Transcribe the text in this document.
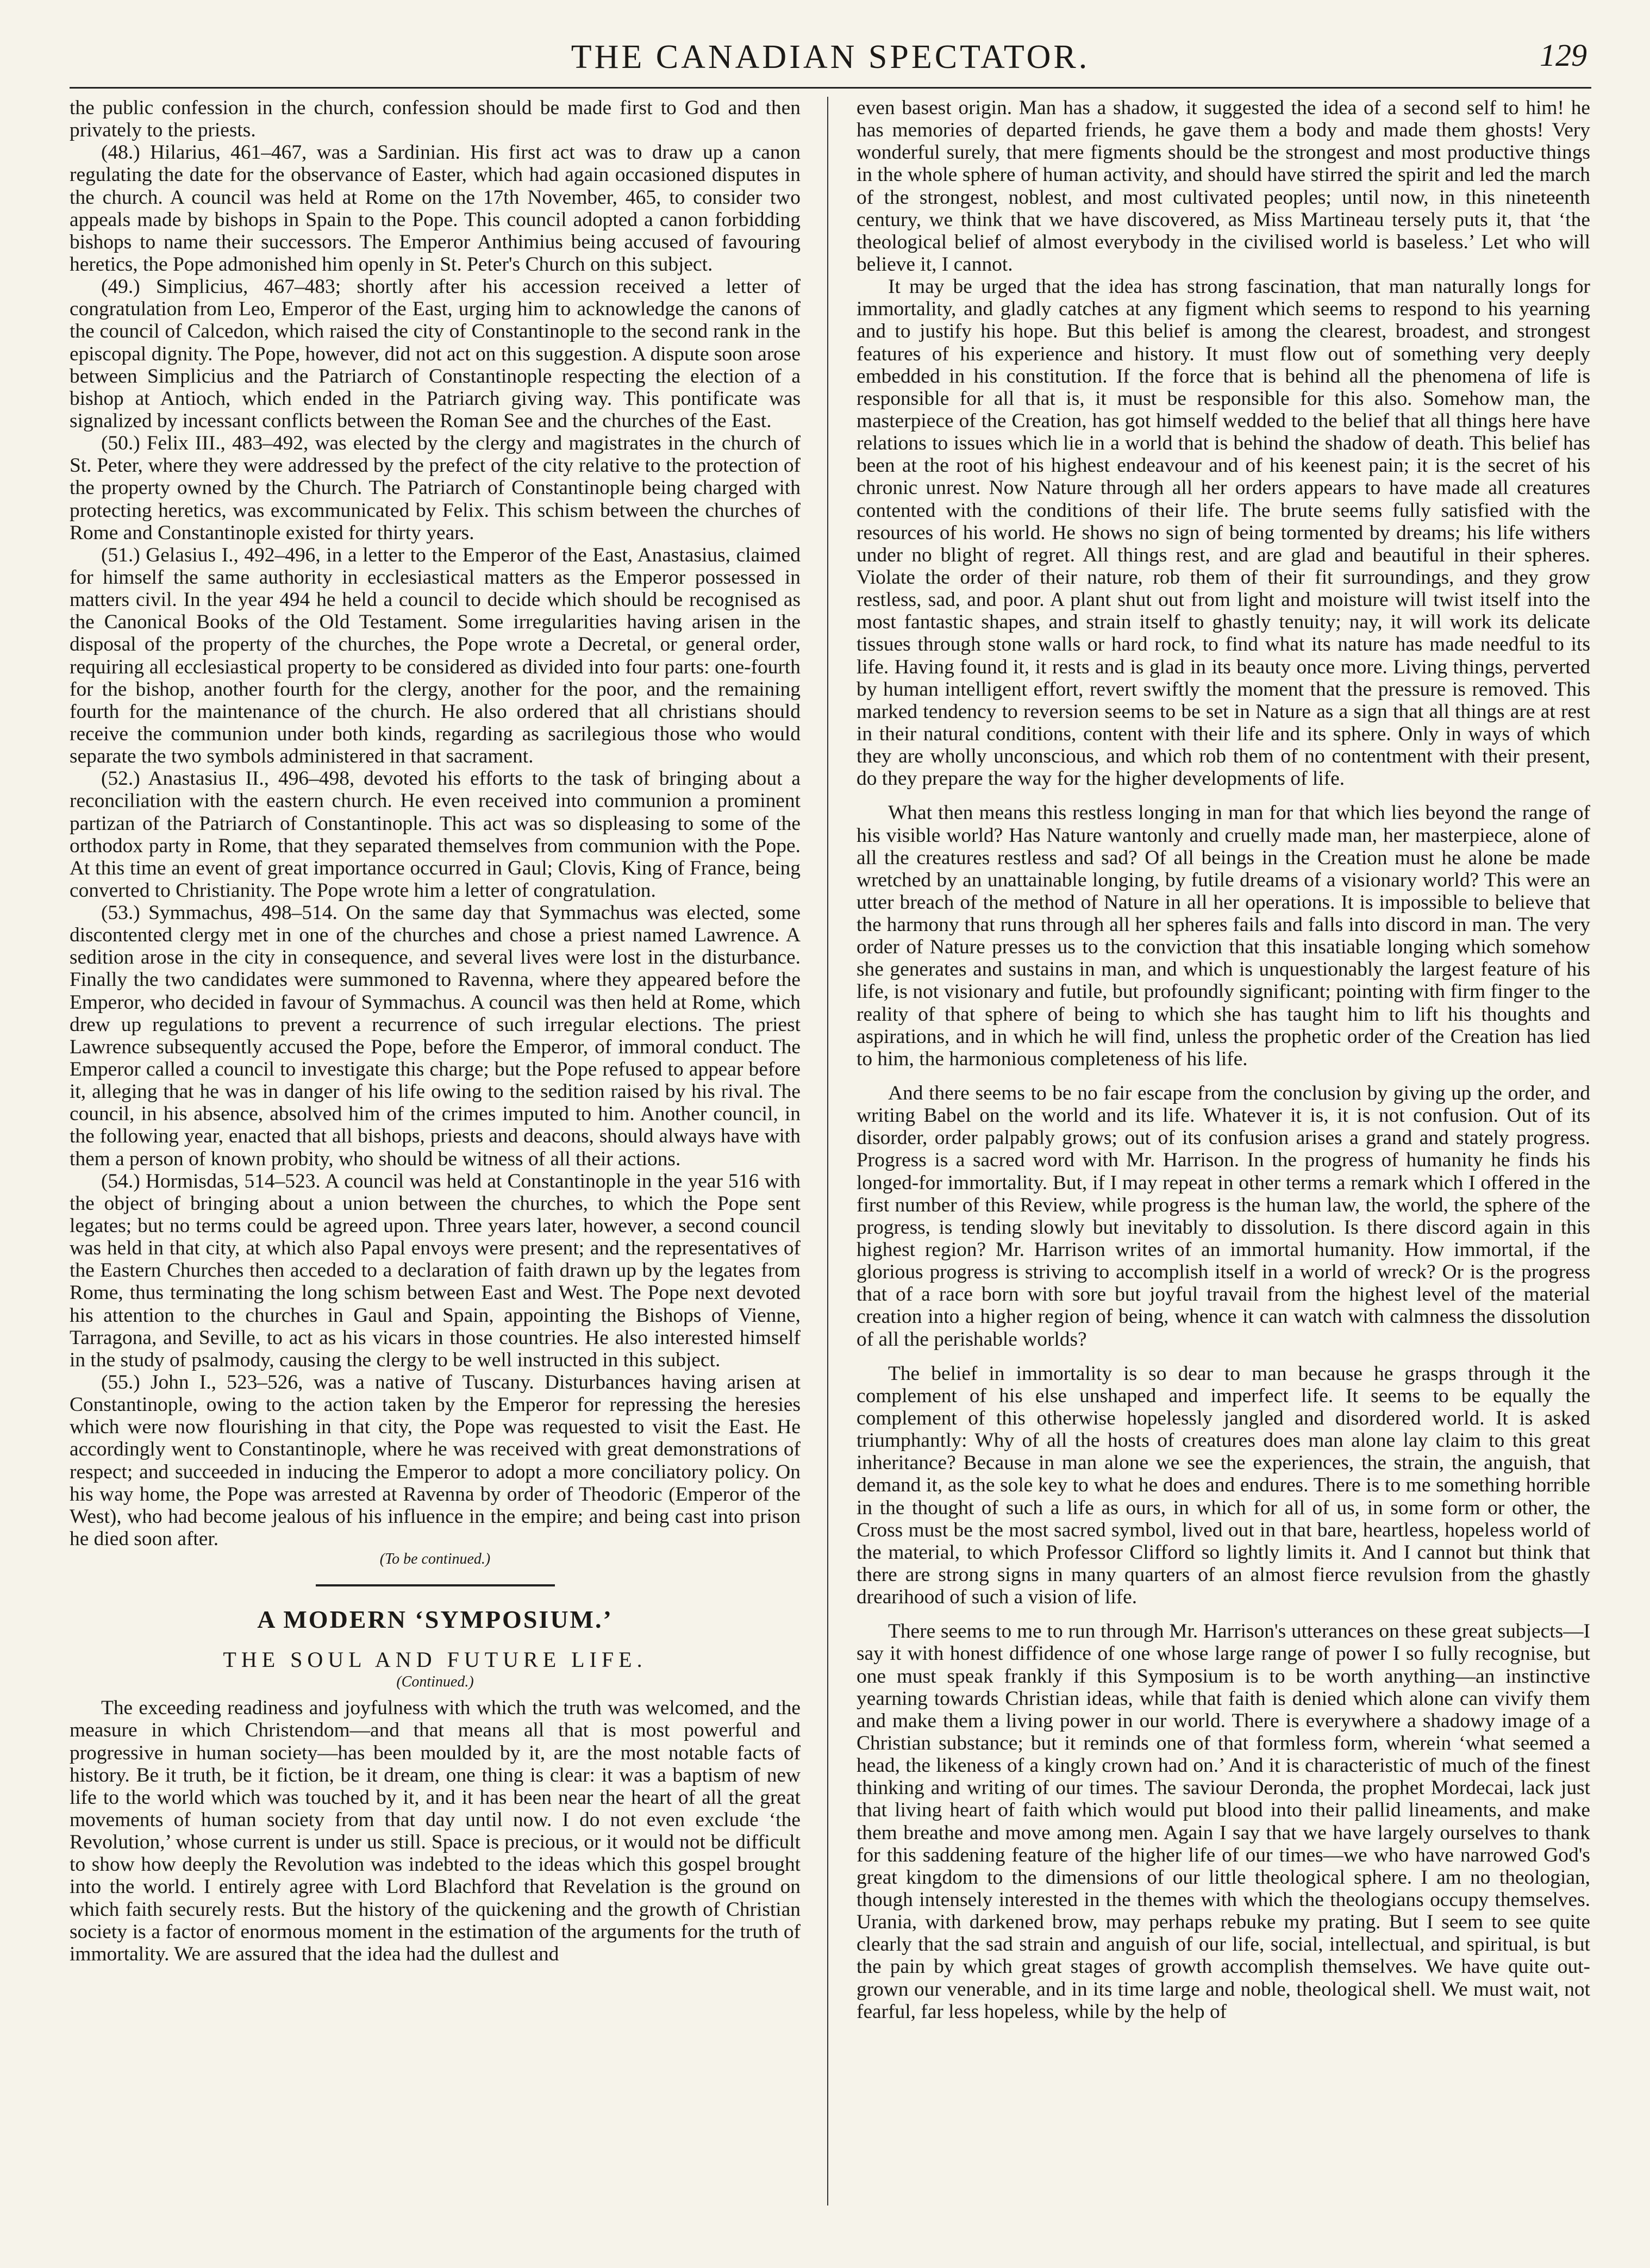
THE CANADIAN SPECTATOR.	129

the public confession in the church, confession should be made first to God and then privately to the priests.

(48.) Hilarius, 461–467, was a Sardinian. His first act was to draw up a canon regulating the date for the observance of Easter, which had again occasioned disputes in the church. A council was held at Rome on the 17th November, 465, to consider two appeals made by bishops in Spain to the Pope. This council adopted a canon forbidding bishops to name their successors. The Emperor Anthimius being accused of favouring heretics, the Pope admonished him openly in St. Peter's Church on this subject.

(49.) Simplicius, 467–483; shortly after his accession received a letter of congratulation from Leo, Emperor of the East, urging him to acknowledge the canons of the council of Calcedon, which raised the city of Constantinople to the second rank in the episcopal dignity. The Pope, however, did not act on this suggestion. A dispute soon arose between Simplicius and the Patriarch of Constantinople respecting the election of a bishop at Antioch, which ended in the Patriarch giving way. This pontificate was signalized by incessant conflicts between the Roman See and the churches of the East.

(50.) Felix III., 483–492, was elected by the clergy and magistrates in the church of St. Peter, where they were addressed by the prefect of the city relative to the protection of the property owned by the Church. The Patriarch of Constantinople being charged with protecting heretics, was excommunicated by Felix. This schism between the churches of Rome and Constantinople existed for thirty years.

(51.) Gelasius I., 492–496, in a letter to the Emperor of the East, Anastasius, claimed for himself the same authority in ecclesiastical matters as the Emperor possessed in matters civil. In the year 494 he held a council to decide which should be recognised as the Canonical Books of the Old Testament. Some irregularities having arisen in the disposal of the property of the churches, the Pope wrote a Decretal, or general order, requiring all ecclesiastical property to be considered as divided into four parts: one-fourth for the bishop, another fourth for the clergy, another for the poor, and the remaining fourth for the maintenance of the church. He also ordered that all christians should receive the communion under both kinds, regarding as sacrilegious those who would separate the two symbols administered in that sacrament.

(52.) Anastasius II., 496–498, devoted his efforts to the task of bringing about a reconciliation with the eastern church. He even received into communion a prominent partizan of the Patriarch of Constantinople. This act was so displeasing to some of the orthodox party in Rome, that they separated themselves from communion with the Pope. At this time an event of great importance occurred in Gaul; Clovis, King of France, being converted to Christianity. The Pope wrote him a letter of congratulation.

(53.) Symmachus, 498–514. On the same day that Symmachus was elected, some discontented clergy met in one of the churches and chose a priest named Lawrence. A sedition arose in the city in consequence, and several lives were lost in the disturbance. Finally the two candidates were summoned to Ravenna, where they appeared before the Emperor, who decided in favour of Symmachus. A council was then held at Rome, which drew up regulations to prevent a recurrence of such irregular elections. The priest Lawrence subsequently accused the Pope, before the Emperor, of immoral conduct. The Emperor called a council to investigate this charge; but the Pope refused to appear before it, alleging that he was in danger of his life owing to the sedition raised by his rival. The council, in his absence, absolved him of the crimes imputed to him. Another council, in the following year, enacted that all bishops, priests and deacons, should always have with them a person of known probity, who should be witness of all their actions.

(54.) Hormisdas, 514–523. A council was held at Constantinople in the year 516 with the object of bringing about a union between the churches, to which the Pope sent legates; but no terms could be agreed upon. Three years later, however, a second council was held in that city, at which also Papal envoys were present; and the representatives of the Eastern Churches then acceded to a declaration of faith drawn up by the legates from Rome, thus terminating the long schism between East and West. The Pope next devoted his attention to the churches in Gaul and Spain, appointing the Bishops of Vienne, Tarragona, and Seville, to act as his vicars in those countries. He also interested himself in the study of psalmody, causing the clergy to be well instructed in this subject.

(55.) John I., 523–526, was a native of Tuscany. Disturbances having arisen at Constantinople, owing to the action taken by the Emperor for repressing the heresies which were now flourishing in that city, the Pope was requested to visit the East. He accordingly went to Constantinople, where he was received with great demonstrations of respect; and succeeded in inducing the Emperor to adopt a more conciliatory policy. On his way home, the Pope was arrested at Ravenna by order of Theodoric (Emperor of the West), who had become jealous of his influence in the empire; and being cast into prison he died soon after.

(To be continued.)
A MODERN ‘SYMPOSIUM.’
THE SOUL AND FUTURE LIFE.
(Continued.)

The exceeding readiness and joyfulness with which the truth was welcomed, and the measure in which Christendom—and that means all that is most powerful and progressive in human society—has been moulded by it, are the most notable facts of history. Be it truth, be it fiction, be it dream, one thing is clear: it was a baptism of new life to the world which was touched by it, and it has been near the heart of all the great movements of human society from that day until now. I do not even exclude ‘the Revolution,’ whose current is under us still. Space is precious, or it would not be difficult to show how deeply the Revolution was indebted to the ideas which this gospel brought into the world. I entirely agree with Lord Blachford that Revelation is the ground on which faith securely rests. But the history of the quickening and the growth of Christian society is a factor of enormous moment in the estimation of the arguments for the truth of immortality. We are assured that the idea had the dullest and

even basest origin. Man has a shadow, it suggested the idea of a second self to him! he has memories of departed friends, he gave them a body and made them ghosts! Very wonderful surely, that mere figments should be the strongest and most productive things in the whole sphere of human activity, and should have stirred the spirit and led the march of the strongest, noblest, and most cultivated peoples; until now, in this nineteenth century, we think that we have discovered, as Miss Martineau tersely puts it, that ‘the theological belief of almost everybody in the civilised world is baseless.’ Let who will believe it, I cannot.

It may be urged that the idea has strong fascination, that man naturally longs for immortality, and gladly catches at any figment which seems to respond to his yearning and to justify his hope. But this belief is among the clearest, broadest, and strongest features of his experience and history. It must flow out of something very deeply embedded in his constitution. If the force that is behind all the phenomena of life is responsible for all that is, it must be responsible for this also. Somehow man, the masterpiece of the Creation, has got himself wedded to the belief that all things here have relations to issues which lie in a world that is behind the shadow of death. This belief has been at the root of his highest endeavour and of his keenest pain; it is the secret of his chronic unrest. Now Nature through all her orders appears to have made all creatures contented with the conditions of their life. The brute seems fully satisfied with the resources of his world. He shows no sign of being tormented by dreams; his life withers under no blight of regret. All things rest, and are glad and beautiful in their spheres. Violate the order of their nature, rob them of their fit surroundings, and they grow restless, sad, and poor. A plant shut out from light and moisture will twist itself into the most fantastic shapes, and strain itself to ghastly tenuity; nay, it will work its delicate tissues through stone walls or hard rock, to find what its nature has made needful to its life. Having found it, it rests and is glad in its beauty once more. Living things, perverted by human intelligent effort, revert swiftly the moment that the pressure is removed. This marked tendency to reversion seems to be set in Nature as a sign that all things are at rest in their natural conditions, content with their life and its sphere. Only in ways of which they are wholly unconscious, and which rob them of no contentment with their present, do they prepare the way for the higher developments of life.

What then means this restless longing in man for that which lies beyond the range of his visible world? Has Nature wantonly and cruelly made man, her masterpiece, alone of all the creatures restless and sad? Of all beings in the Creation must he alone be made wretched by an unattainable longing, by futile dreams of a visionary world? This were an utter breach of the method of Nature in all her operations. It is impossible to believe that the harmony that runs through all her spheres fails and falls into discord in man. The very order of Nature presses us to the conviction that this insatiable longing which somehow she generates and sustains in man, and which is unquestionably the largest feature of his life, is not visionary and futile, but profoundly significant; pointing with firm finger to the reality of that sphere of being to which she has taught him to lift his thoughts and aspirations, and in which he will find, unless the prophetic order of the Creation has lied to him, the harmonious completeness of his life.

And there seems to be no fair escape from the conclusion by giving up the order, and writing Babel on the world and its life. Whatever it is, it is not confusion. Out of its disorder, order palpably grows; out of its confusion arises a grand and stately progress. Progress is a sacred word with Mr. Harrison. In the progress of humanity he finds his longed-for immortality. But, if I may repeat in other terms a remark which I offered in the first number of this Review, while progress is the human law, the world, the sphere of the progress, is tending slowly but inevitably to dissolution. Is there discord again in this highest region? Mr. Harrison writes of an immortal humanity. How immortal, if the glorious progress is striving to accomplish itself in a world of wreck? Or is the progress that of a race born with sore but joyful travail from the highest level of the material creation into a higher region of being, whence it can watch with calmness the dissolution of all the perishable worlds?

The belief in immortality is so dear to man because he grasps through it the complement of his else unshaped and imperfect life. It seems to be equally the complement of this otherwise hopelessly jangled and disordered world. It is asked triumphantly: Why of all the hosts of creatures does man alone lay claim to this great inheritance? Because in man alone we see the experiences, the strain, the anguish, that demand it, as the sole key to what he does and endures. There is to me something horrible in the thought of such a life as ours, in which for all of us, in some form or other, the Cross must be the most sacred symbol, lived out in that bare, heartless, hopeless world of the material, to which Professor Clifford so lightly limits it. And I cannot but think that there are strong signs in many quarters of an almost fierce revulsion from the ghastly drearihood of such a vision of life.

There seems to me to run through Mr. Harrison's utterances on these great subjects—I say it with honest diffidence of one whose large range of power I so fully recognise, but one must speak frankly if this Symposium is to be worth anything—an instinctive yearning towards Christian ideas, while that faith is denied which alone can vivify them and make them a living power in our world. There is everywhere a shadowy image of a Christian substance; but it reminds one of that formless form, wherein ‘what seemed a head, the likeness of a kingly crown had on.’ And it is characteristic of much of the finest thinking and writing of our times. The saviour Deronda, the prophet Mordecai, lack just that living heart of faith which would put blood into their pallid lineaments, and make them breathe and move among men. Again I say that we have largely ourselves to thank for this saddening feature of the higher life of our times—we who have narrowed God's great kingdom to the dimensions of our little theological sphere. I am no theologian, though intensely interested in the themes with which the theologians occupy themselves. Urania, with darkened brow, may perhaps rebuke my prating. But I seem to see quite clearly that the sad strain and anguish of our life, social, intellectual, and spiritual, is but the pain by which great stages of growth accomplish themselves. We have quite out-grown our venerable, and in its time large and noble, theological shell. We must wait, not fearful, far less hopeless, while by the help of
